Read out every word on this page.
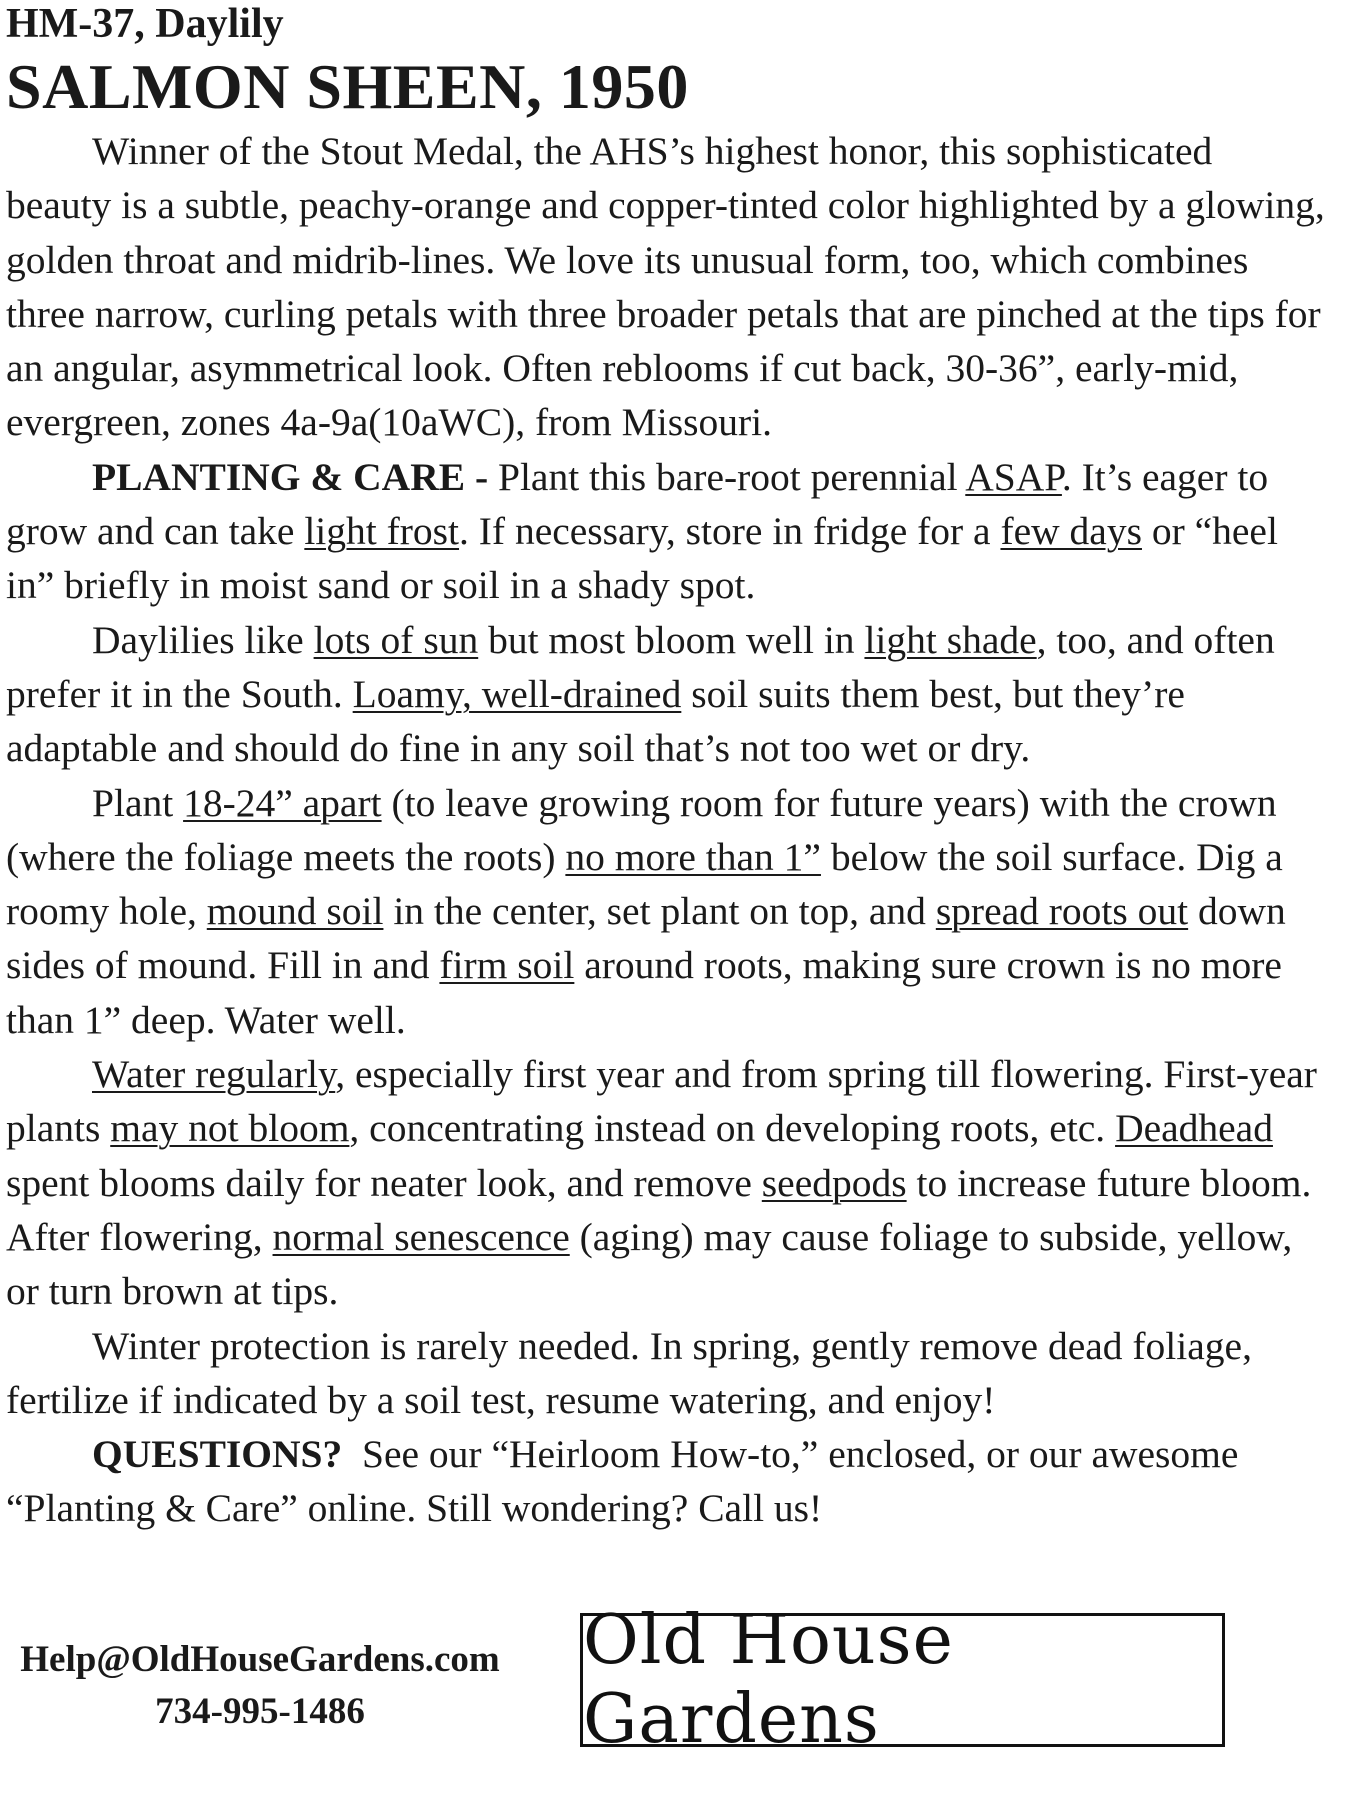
HM-37, Daylily

SALMON SHEEN, 1950

Winner of the Stout Medal, the AHS’s highest honor, this sophisticated beauty is a subtle, peachy-orange and copper-tinted color highlighted by a glowing, golden throat and midrib-lines. We love its unusual form, too, which combines three narrow, curling petals with three broader petals that are pinched at the tips for an angular, asymmetrical look. Often reblooms if cut back, 30-36”, early-mid, evergreen, zones 4a-9a(10aWC), from Missouri.

PLANTING & CARE - Plant this bare-root perennial ASAP. It’s eager to grow and can take light frost. If necessary, store in fridge for a few days or “heel in” briefly in moist sand or soil in a shady spot.

Daylilies like lots of sun but most bloom well in light shade, too, and often prefer it in the South. Loamy, well-drained soil suits them best, but they’re adaptable and should do fine in any soil that’s not too wet or dry.

Plant 18-24” apart (to leave growing room for future years) with the crown (where the foliage meets the roots) no more than 1” below the soil surface. Dig a roomy hole, mound soil in the center, set plant on top, and spread roots out down sides of mound. Fill in and firm soil around roots, making sure crown is no more than 1” deep. Water well.

Water regularly, especially first year and from spring till flowering. First-year plants may not bloom, concentrating instead on developing roots, etc. Deadhead spent blooms daily for neater look, and remove seedpods to increase future bloom. After flowering, normal senescence (aging) may cause foliage to subside, yellow, or turn brown at tips.

Winter protection is rarely needed. In spring, gently remove dead foliage, fertilize if indicated by a soil test, resume watering, and enjoy!

QUESTIONS?  See our “Heirloom How-to,” enclosed, or our awesome “Planting & Care” online. Still wondering? Call us!

Help@OldHouseGardens.com
734-995-1486
Old House Gardens
